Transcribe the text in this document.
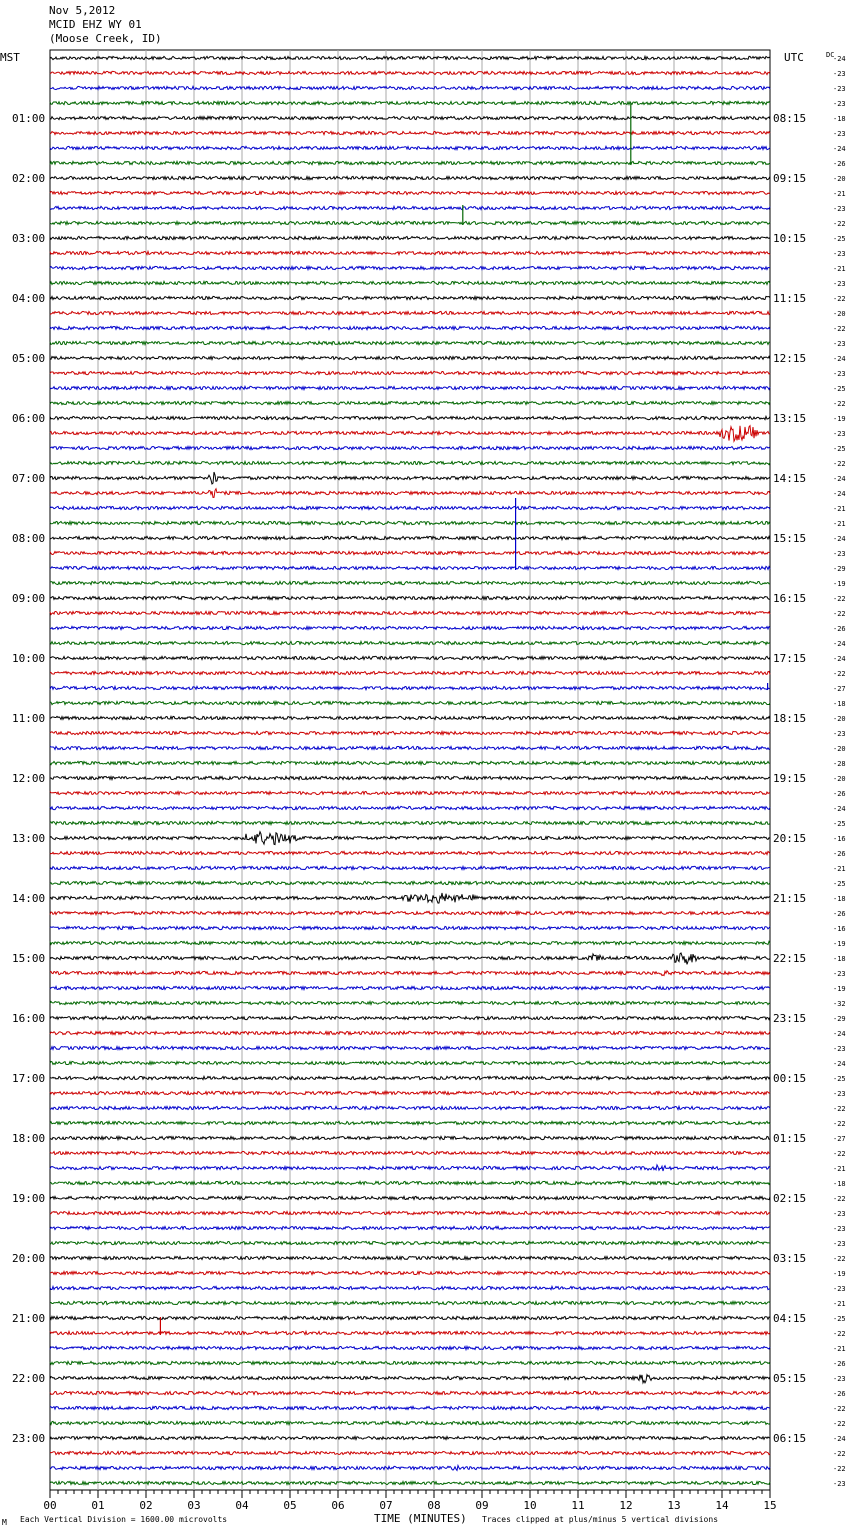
Nov 5,2012
MCID EHZ WY 01
(Moose Creek, ID)
00	01	02	03	04	05	06	07	08	09	10	11	12	13	14	15
MST	UTC	DC
-24
-23
-23
-23
-18
-23
-24
-26
-20
-21
-23
-22
-25
-23
-21
-23
-22
-20
-22
-23
-24
-23
-25
-22
-19
-23
-25
-22
-24
-24
-21
-21
-24
-23
-29
-19
-22
-22
-26
-24
-24
-22
-27
-18
-20
-23
-20
-28
-20
-26
-24
-25
-16
-26
-21
-25
-18
-26
-16
-19
-18
-23
-19
-32
-29
-24
-23
-24
-25
-23
-22
-22
-27
-22
-21
-18
-22
-23
-23
-23
-22
-19
-23
-21
-25
-22
-21
-26
-23
-26
-22
-22
-24
-22
-22
-23
01:00
02:00
03:00
04:00
05:00
06:00
07:00
08:00
09:00
10:00
11:00
12:00
13:00
14:00
15:00
16:00
17:00
18:00
19:00
20:00
21:00
22:00
23:00
08:15
09:15
10:15
11:15
12:15
13:15
14:15
15:15
16:15
17:15
18:15
19:15
20:15
21:15
22:15
23:15
00:15
01:15
02:15
03:15
04:15
05:15
06:15
TIME (MINUTES)
M Each Vertical Division = 1600.00 microvolts	Traces clipped at plus/minus 5 vertical divisions
